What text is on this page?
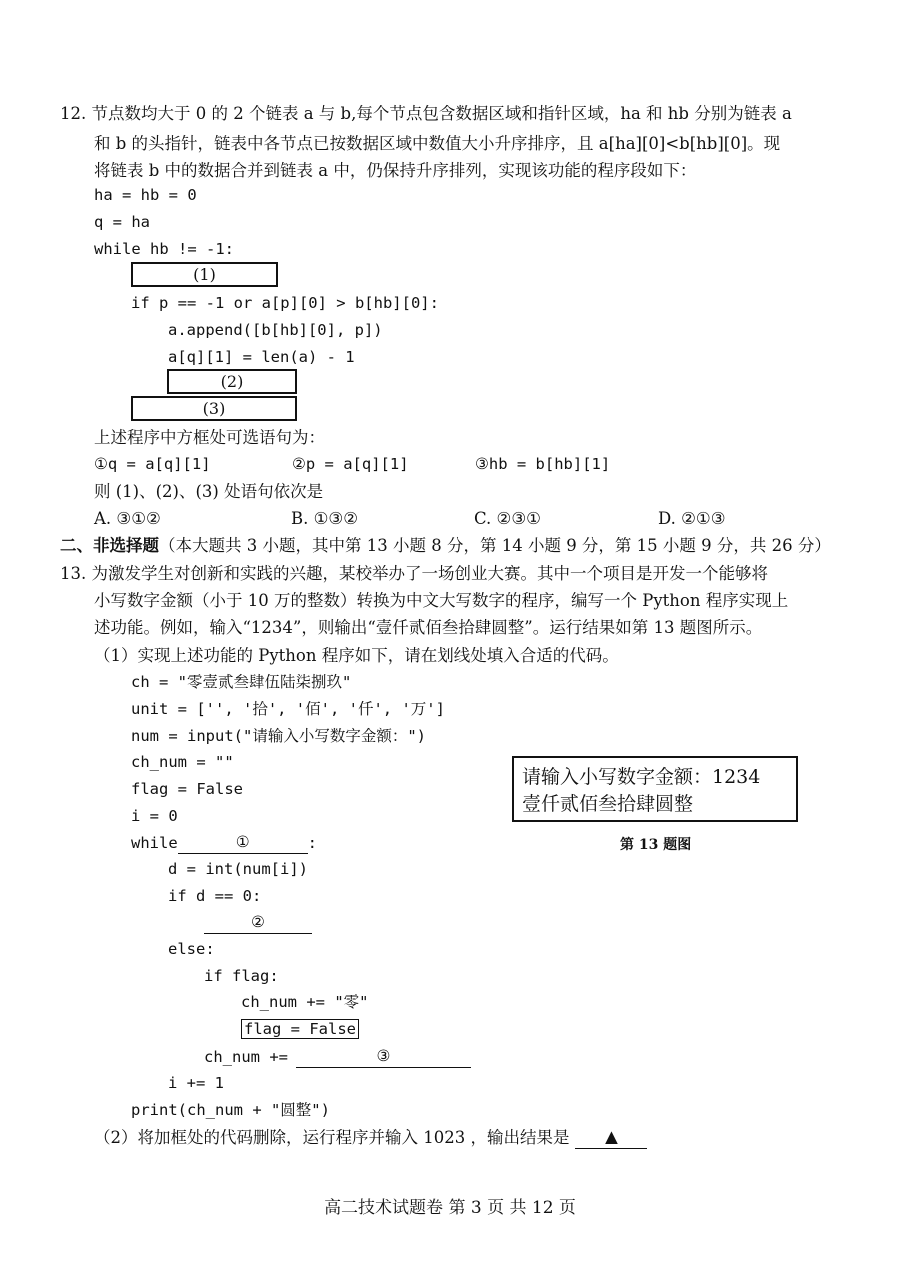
12. 节点数均大于 0 的 2 个链表 a 与 b,每个节点包含数据区域和指针区域，ha 和 hb 分别为链表 a
和 b 的头指针，链表中各节点已按数据区域中数值大小升序排序，且 a[ha][0]<b[hb][0]。现
将链表 b 中的数据合并到链表 a 中，仍保持升序排列，实现该功能的程序段如下：
ha = hb = 0
q = ha
while hb != -1:
(1)
if p == -1 or a[p][0] > b[hb][0]:
a.append([b[hb][0], p])
a[q][1] = len(a) - 1
(2)
(3)
上述程序中方框处可选语句为：
①q = a[q][1]	②p = a[q][1]	③hb = b[hb][1]
则 (1)、(2)、(3) 处语句依次是
A. ③①②	B. ①③②	C. ②③①	D. ②①③
二、非选择题（本大题共 3 小题，其中第 13 小题 8 分，第 14 小题 9 分，第 15 小题 9 分，共 26 分）
13. 为激发学生对创新和实践的兴趣，某校举办了一场创业大赛。其中一个项目是开发一个能够将
小写数字金额（小于 10 万的整数）转换为中文大写数字的程序，编写一个 Python 程序实现上
述功能。例如，输入“1234”，则输出“壹仟贰佰叁拾肆圆整”。运行结果如第 13 题图所示。
（1）实现上述功能的 Python 程序如下，请在划线处填入合适的代码。
ch = "零壹贰叁肆伍陆柒捌玖"
unit = ['', '拾', '佰', '仟', '万']
num = input("请输入小写数字金额：")
ch_num = ""
flag = False
i = 0
while	①	:
d = int(num[i])
if d == 0:
②
else:
if flag:
ch_num += "零"
flag = False
ch_num +=	③
i += 1
print(ch_num + "圆整")
请输入小写数字金额：1234
壹仟贰佰叁拾肆圆整
第 13 题图
（2）将加框处的代码删除，运行程序并输入 1023 ，输出结果是 ▲
高二技术试题卷 第 3 页 共 12 页
